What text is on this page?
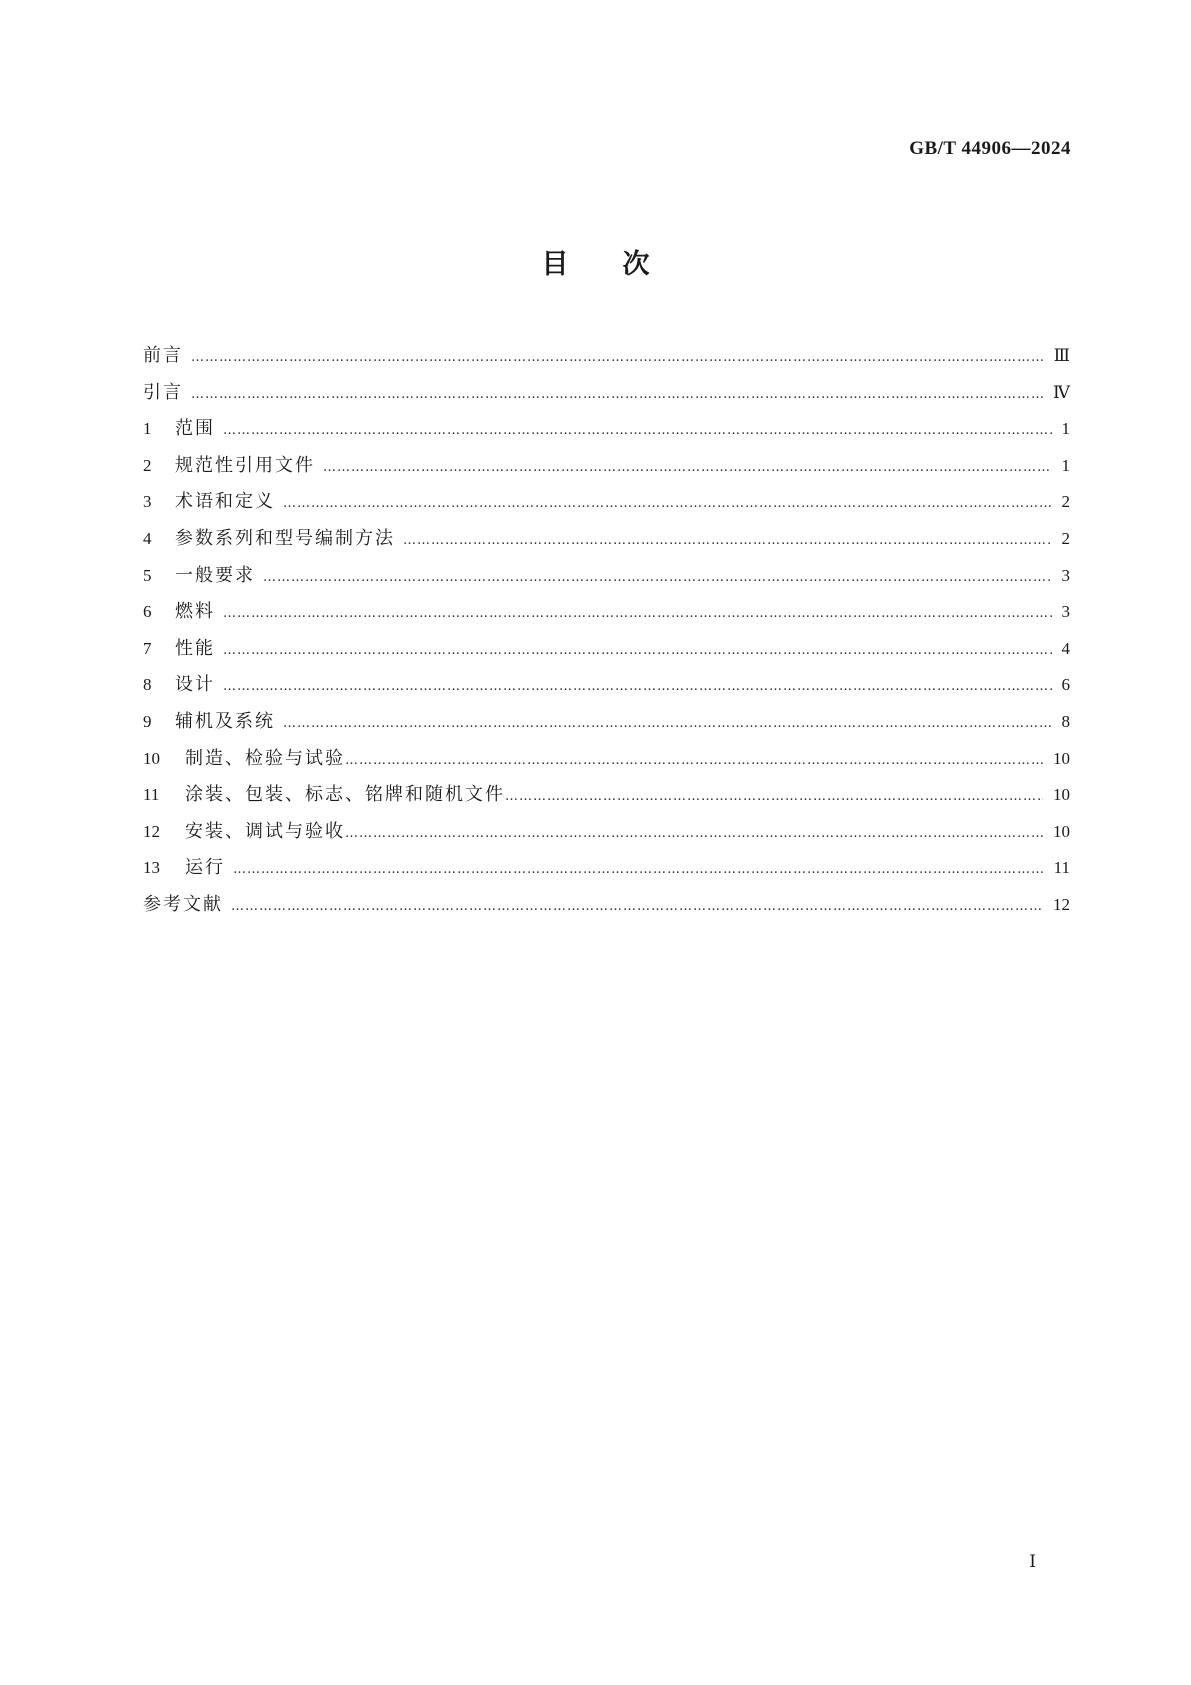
GB/T 44906—2024
目次
前言 …………………………………………………………………………………………………………………………………………………………………………………………	Ⅲ
引言 …………………………………………………………………………………………………………………………………………………………………………………………	Ⅳ
1	范围 …………………………………………………………………………………………………………………………………………………………………………………………	1
2	规范性引用文件 …………………………………………………………………………………………………………………………………………………………………………………………	1
3	术语和定义 …………………………………………………………………………………………………………………………………………………………………………………………	2
4	参数系列和型号编制方法 …………………………………………………………………………………………………………………………………………………………………………………………	2
5	一般要求 …………………………………………………………………………………………………………………………………………………………………………………………	3
6	燃料 …………………………………………………………………………………………………………………………………………………………………………………………	3
7	性能 …………………………………………………………………………………………………………………………………………………………………………………………	4
8	设计 …………………………………………………………………………………………………………………………………………………………………………………………	6
9	辅机及系统 …………………………………………………………………………………………………………………………………………………………………………………………	8
10	制造、检验与试验 …………………………………………………………………………………………………………………………………………………………………………………………	10
11	涂装、包装、标志、铭牌和随机文件 …………………………………………………………………………………………………………………………………………………………………………………………	10
12	安装、调试与验收 …………………………………………………………………………………………………………………………………………………………………………………………	10
13	运行 …………………………………………………………………………………………………………………………………………………………………………………………	11
参考文献 …………………………………………………………………………………………………………………………………………………………………………………………	12
Ⅰ
